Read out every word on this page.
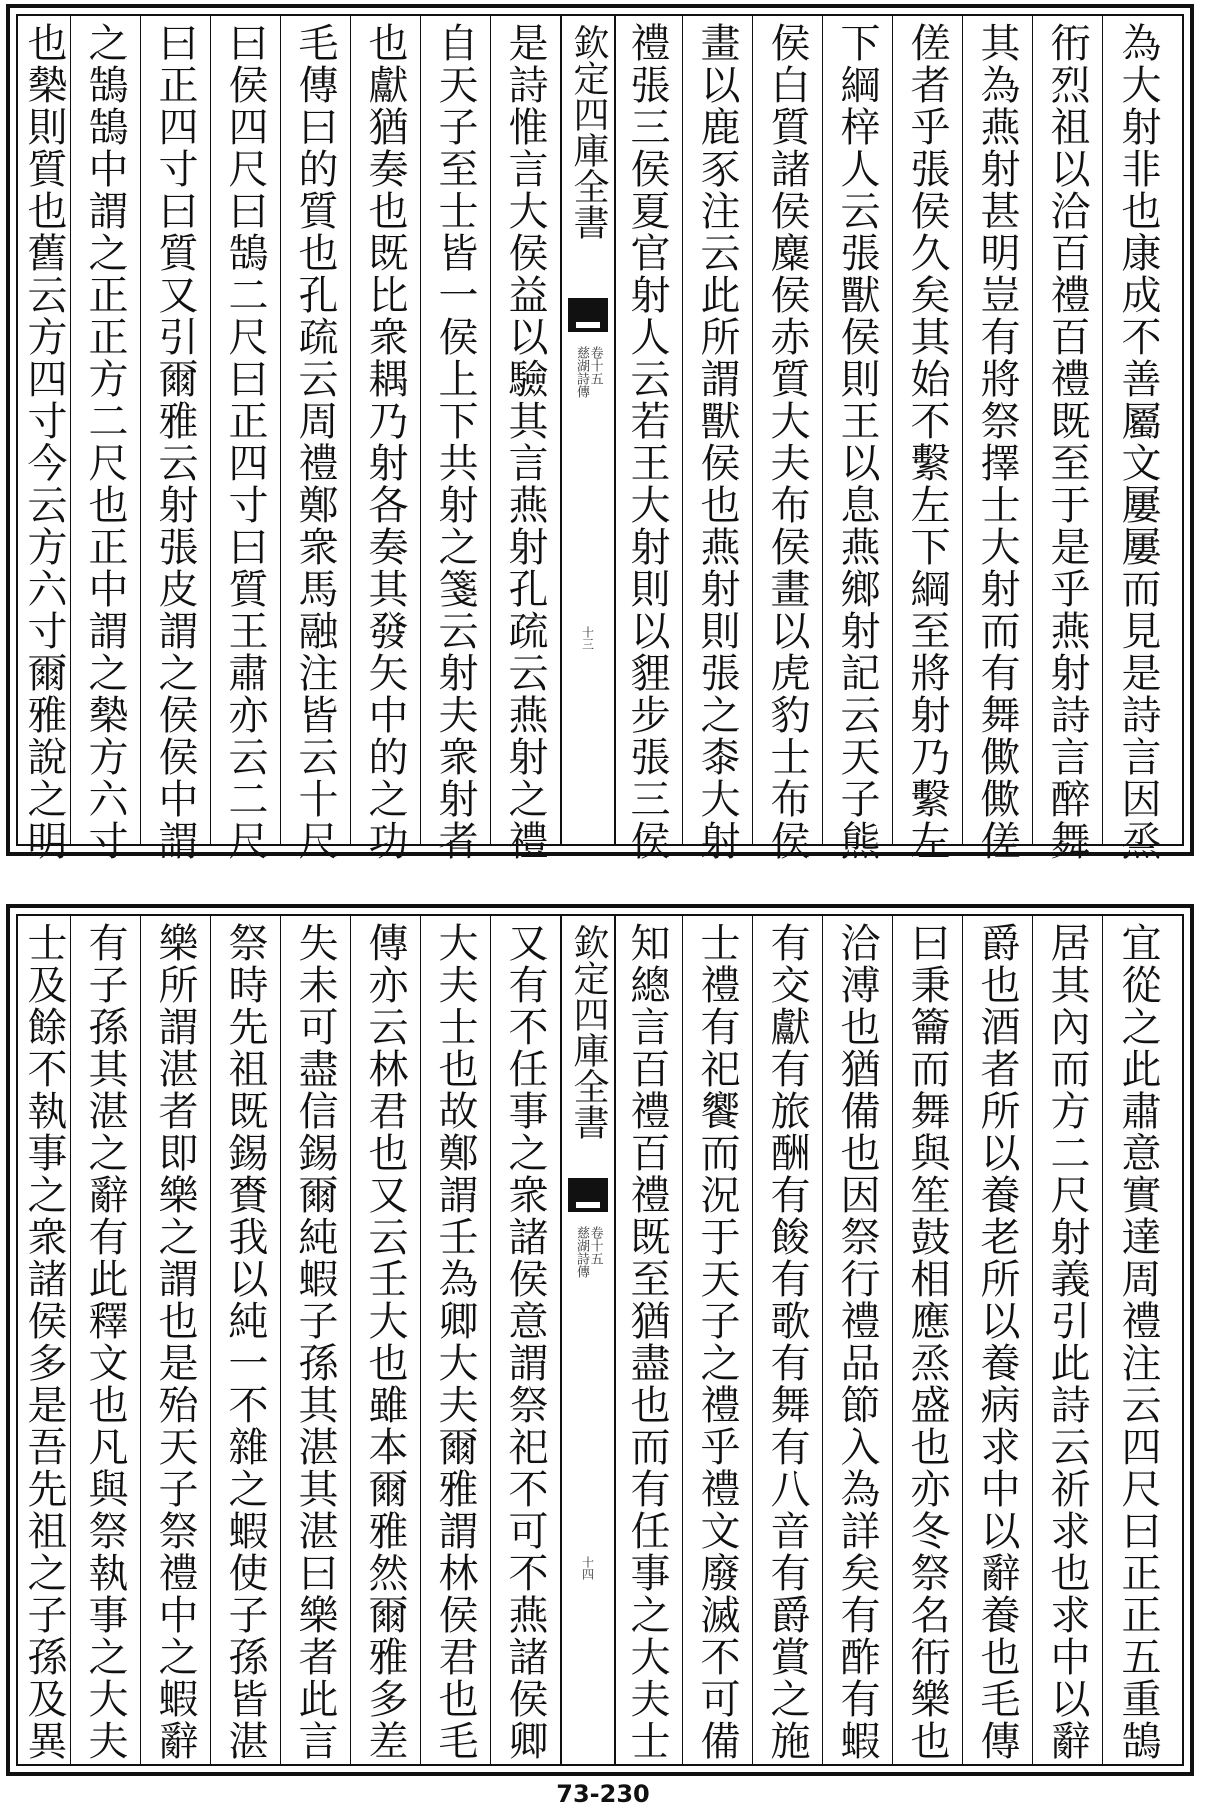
為大射非也康成不善屬文屢屢而見是詩言因烝
衎烈祖以洽百禮百禮既至于是乎燕射詩言醉舞
其為燕射甚明豈有將祭擇士大射而有舞僛僛傞
傞者乎張侯久矣其始不繫左下綱至將射乃繫左
下綱梓人云張獸侯則王以息燕鄉射記云天子熊
侯白質諸侯麋侯赤質大夫布侯畫以虎豹士布侯
畫以鹿豕注云此所謂獸侯也燕射則張之桼大射
禮張三侯夏官射人云若王大射則以貍步張三侯
欽定四庫全書
慈湖詩傳
卷十五
十三
是詩惟言大侯益以驗其言燕射孔疏云燕射之禮
自天子至士皆一侯上下共射之箋云射夫衆射者
也獻猶奏也既比衆耦乃射各奏其發矢中的之功
毛傳曰的質也孔疏云周禮鄭衆馬融注皆云十尺
曰侯四尺曰鵠二尺曰正四寸曰質王肅亦云二尺
曰正四寸曰質又引爾雅云射張皮謂之侯侯中謂
之鵠鵠中謂之正正方二尺也正中謂之槷方六寸
也槷則質也舊云方四寸今云方六寸爾雅說之明
宜從之此肅意實達周禮注云四尺曰正正五重鵠
居其內而方二尺射義引此詩云祈求也求中以辭
爵也酒者所以養老所以養病求中以辭養也毛傳
曰秉籥而舞與笙鼓相應烝盛也亦冬祭名衎樂也
洽溥也猶備也因祭行禮品節入為詳矣有酢有蝦
有交獻有旅酬有餕有歌有舞有八音有爵賞之施
士禮有祀饗而況于天子之禮乎禮文廢滅不可備
知總言百禮百禮既至猶盡也而有任事之大夫士
欽定四庫全書
慈湖詩傳
卷十五
十四
又有不任事之衆諸侯意謂祭祀不可不燕諸侯卿
大夫士也故鄭謂壬為卿大夫爾雅謂林侯君也毛
傳亦云林君也又云壬大也雖本爾雅然爾雅多差
失未可盡信錫爾純蝦子孫其湛其湛曰樂者此言
祭時先祖既錫賚我以純一不雜之蝦使子孫皆湛
樂所謂湛者即樂之謂也是殆天子祭禮中之蝦辭
有子孫其湛之辭有此釋文也凡與祭執事之大夫
士及餘不執事之衆諸侯多是吾先祖之子孫及異
73-230
